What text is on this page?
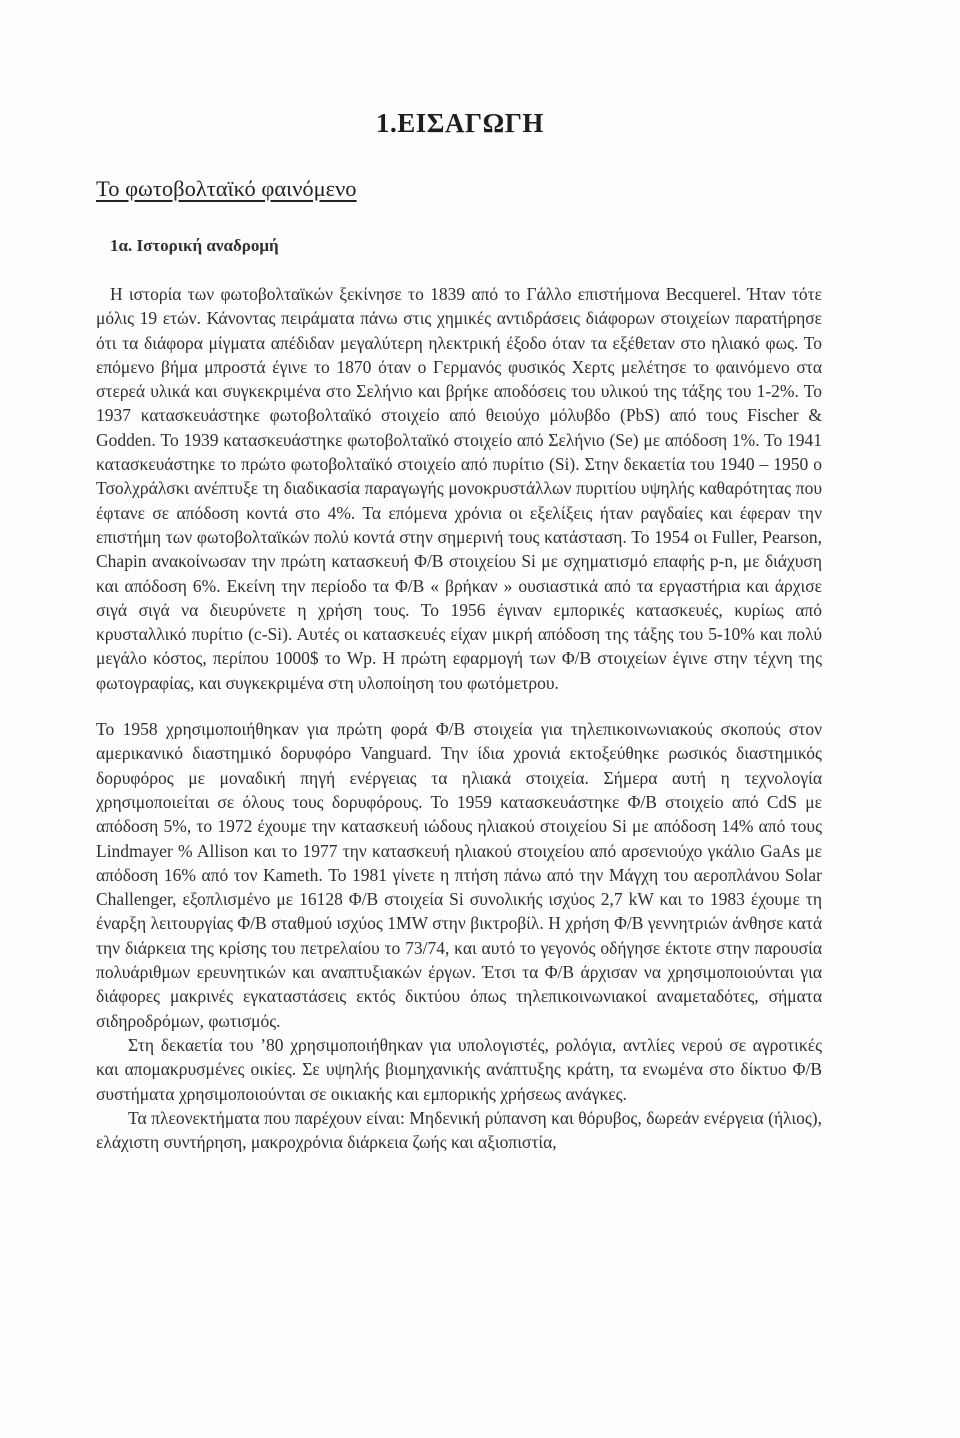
1.ΕΙΣΑΓΩΓΗ
Το φωτοβολταϊκό φαινόμενο
1α. Ιστορική αναδρομή

Η ιστορία των φωτοβολταϊκών ξεκίνησε το 1839 από το Γάλλο επιστήμονα Becquerel. Ήταν τότε μόλις 19 ετών. Κάνοντας πειράματα πάνω στις χημικές αντιδράσεις διάφορων στοιχείων παρατήρησε ότι τα διάφορα μίγματα απέδιδαν μεγαλύτερη ηλεκτρική έξοδο όταν τα εξέθεταν στο ηλιακό φως. Το επόμενο βήμα μπροστά έγινε το 1870 όταν ο Γερμανός φυσικός Χερτς μελέτησε το φαινόμενο στα στερεά υλικά και συγκεκριμένα στο Σελήνιο και βρήκε αποδόσεις του υλικού της τάξης του 1-2%. Το 1937 κατασκευάστηκε φωτοβολταϊκό στοιχείο από θειούχο μόλυβδο (PbS) από τους Fischer & Godden. Το 1939 κατασκευάστηκε φωτοβολταϊκό στοιχείο από Σελήνιο (Se) με απόδοση 1%. Το 1941 κατασκευάστηκε το πρώτο φωτοβολταϊκό στοιχείο από πυρίτιο (Si). Στην δεκαετία του 1940 – 1950 ο Τσολχράλσκι ανέπτυξε τη διαδικασία παραγωγής μονοκρυστάλλων πυριτίου υψηλής καθαρότητας που έφτανε σε απόδοση κοντά στο 4%. Τα επόμενα χρόνια οι εξελίξεις ήταν ραγδαίες και έφεραν την επιστήμη των φωτοβολταϊκών πολύ κοντά στην σημερινή τους κατάσταση. Το 1954 οι Fuller, Pearson, Chapin ανακοίνωσαν την πρώτη κατασκευή Φ/Β στοιχείου Si με σχηματισμό επαφής p-n, με διάχυση και απόδοση 6%. Εκείνη την περίοδο τα Φ/Β « βρήκαν » ουσιαστικά από τα εργαστήρια και άρχισε σιγά σιγά να διευρύνετε η χρήση τους. Το 1956 έγιναν εμπορικές κατασκευές, κυρίως από κρυσταλλικό πυρίτιο (c-Si). Αυτές οι κατασκευές είχαν μικρή απόδοση της τάξης του 5-10% και πολύ μεγάλο κόστος, περίπου 1000$ το Wp. Η πρώτη εφαρμογή των Φ/Β στοιχείων έγινε στην τέχνη της φωτογραφίας, και συγκεκριμένα στη υλοποίηση του φωτόμετρου.

Το 1958 χρησιμοποιήθηκαν για πρώτη φορά Φ/Β στοιχεία για τηλεπικοινωνιακούς σκοπούς στον αμερικανικό διαστημικό δορυφόρο Vanguard. Την ίδια χρονιά εκτοξεύθηκε ρωσικός διαστημικός δορυφόρος με μοναδική πηγή ενέργειας τα ηλιακά στοιχεία. Σήμερα αυτή η τεχνολογία χρησιμοποιείται σε όλους τους δορυφόρους. Το 1959 κατασκευάστηκε Φ/Β στοιχείο από CdS με απόδοση 5%, το 1972 έχουμε την κατασκευή ιώδους ηλιακού στοιχείου Si με απόδοση 14% από τους Lindmayer % Allison και το 1977 την κατασκευή ηλιακού στοιχείου από αρσενιούχο γκάλιο GaAs με απόδοση 16% από τον Kameth. Το 1981 γίνετε η πτήση πάνω από την Μάγχη του αεροπλάνου Solar Challenger, εξοπλισμένο με 16128 Φ/Β στοιχεία Si συνολικής ισχύος 2,7 kW και το 1983 έχουμε τη έναρξη λειτουργίας Φ/Β σταθμού ισχύος 1MW στην βικτροβίλ. Η χρήση Φ/Β γεννητριών άνθησε κατά την διάρκεια της κρίσης του πετρελαίου το 73/74, και αυτό το γεγονός οδήγησε έκτοτε στην παρουσία πολυάριθμων ερευνητικών και αναπτυξιακών έργων. Έτσι τα Φ/Β άρχισαν να χρησιμοποιούνται για διάφορες μακρινές εγκαταστάσεις εκτός δικτύου όπως τηλεπικοινωνιακοί αναμεταδότες, σήματα σιδηροδρόμων, φωτισμός.

Στη δεκαετία του ’80 χρησιμοποιήθηκαν για υπολογιστές, ρολόγια, αντλίες νερού σε αγροτικές και απομακρυσμένες οικίες. Σε υψηλής βιομηχανικής ανάπτυξης κράτη, τα ενωμένα στο δίκτυο Φ/Β συστήματα χρησιμοποιούνται σε οικιακής και εμπορικής χρήσεως ανάγκες.

Τα πλεονεκτήματα που παρέχουν είναι: Μηδενική ρύπανση και θόρυβος, δωρεάν ενέργεια (ήλιος), ελάχιστη συντήρηση, μακροχρόνια διάρκεια ζωής και αξιοπιστία,
